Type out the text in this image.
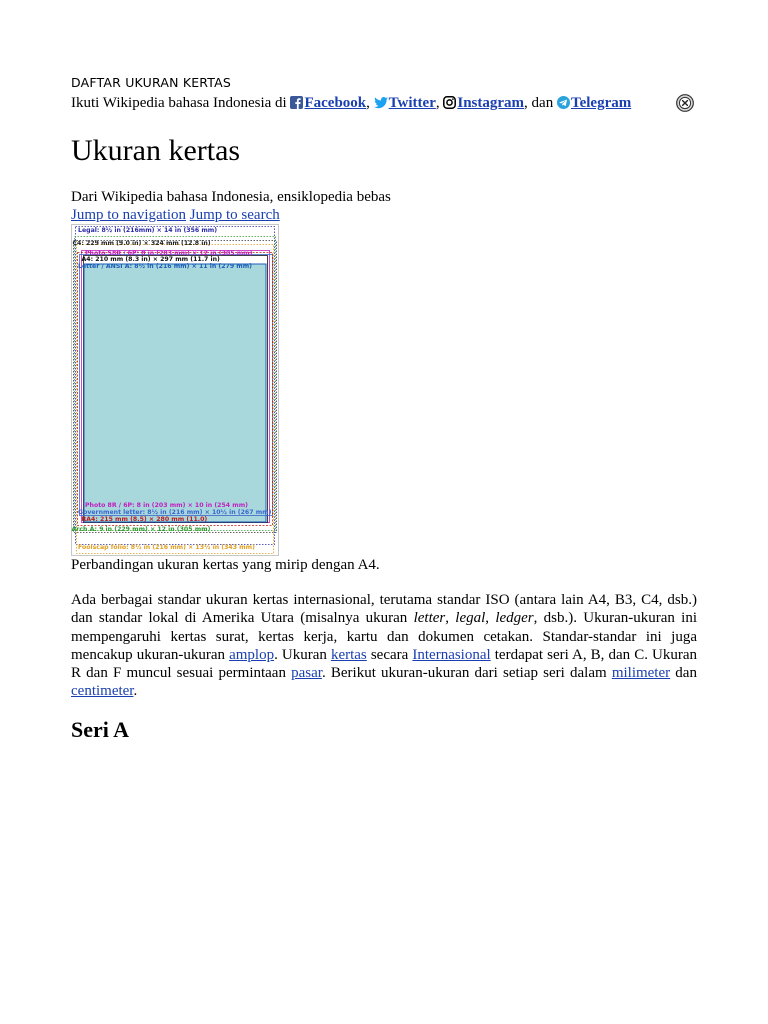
DAFTAR UKURAN KERTAS
Ikuti Wikipedia bahasa Indonesia di Facebook, Twitter, Instagram, dan Telegram
Ukuran kertas
Dari Wikipedia bahasa Indonesia, ensiklopedia bebas
Jump to navigation Jump to search
Legal: 8½ in (216mm) × 14 in (356 mm)
C4: 229 mm (9.0 in) × 324 mm (12.8 in)
Photo S8R / 6P: 8 in (203 mm) × 12 in (305 mm)
A4: 210 mm (8.3 in) × 297 mm (11.7 in)
Letter / ANSI A: 8½ in (216 mm) × 11 in (279 mm)
Photo 8R / 6P: 8 in (203 mm) × 10 in (254 mm)
Government letter: 8½ in (216 mm) × 10½ in (267 mm)
RA4: 215 mm (8.5) × 280 mm (11.0)
Arch A: 9 in (229 mm) × 12 in (305 mm)
Foolscap folio: 8½ in (216 mm) × 13½ in (343 mm)
Perbandingan ukuran kertas yang mirip dengan A4.

Ada berbagai standar ukuran kertas internasional, terutama standar ISO (antara lain A4, B3, C4, dsb.) dan standar lokal di Amerika Utara (misalnya ukuran letter, legal, ledger, dsb.). Ukuran-ukuran ini mempengaruhi kertas surat, kertas kerja, kartu dan dokumen cetakan. Standar-standar ini juga mencakup ukuran-ukuran amplop. Ukuran kertas secara Internasional terdapat seri A, B, dan C. Ukuran R dan F muncul sesuai permintaan pasar. Berikut ukuran-ukuran dari setiap seri dalam milimeter dan centimeter.

Seri A
